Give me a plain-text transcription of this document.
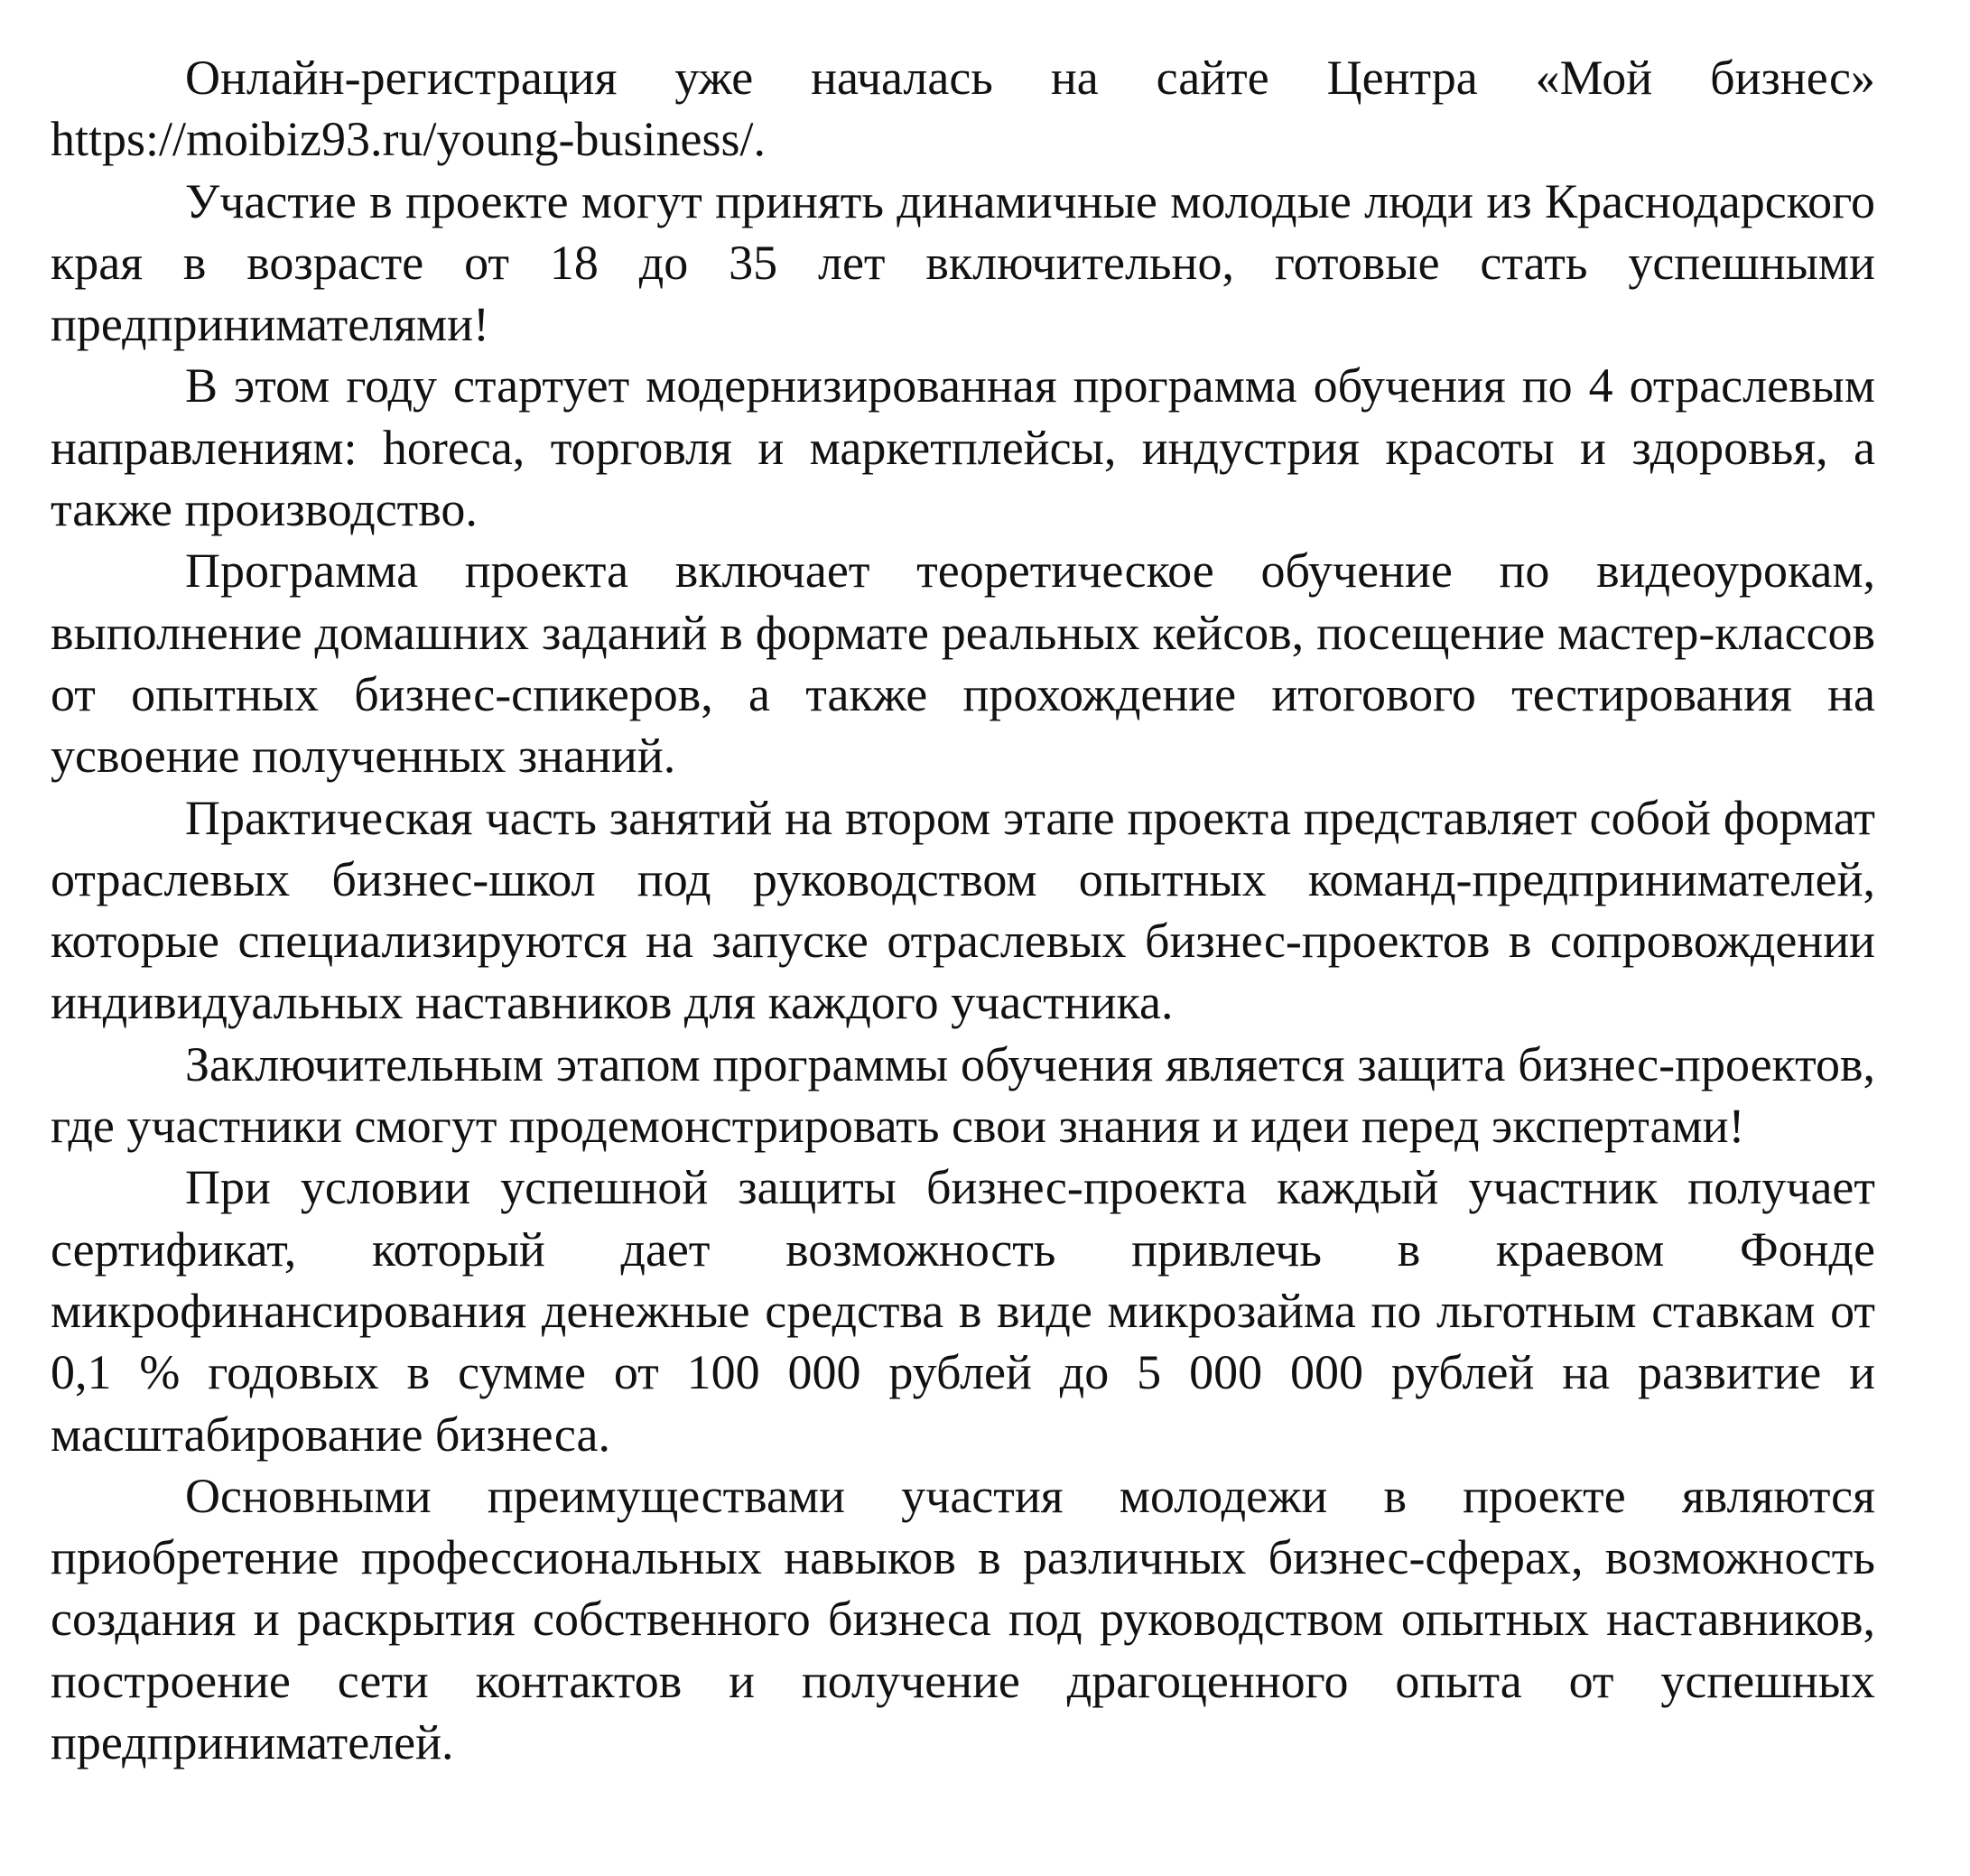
Онлайн-регистрация уже началась на сайте Центра «Мой бизнес» https://moibiz93.ru/young-business/.

Участие в проекте могут принять динамичные молодые люди из Краснодарского края в возрасте от 18 до 35 лет включительно, готовые стать успешными предпринимателями!

В этом году стартует модернизированная программа обучения по 4 отраслевым направлениям: horeca, торговля и маркетплейсы, индустрия красоты и здоровья, а также производство.

Программа проекта включает теоретическое обучение по видеоурокам, выполнение домашних заданий в формате реальных кейсов, посещение мастер-классов от опытных бизнес-спикеров, а также прохождение итогового тестирования на усвоение полученных знаний.

Практическая часть занятий на втором этапе проекта представляет собой формат отраслевых бизнес-школ под руководством опытных команд-предпринимателей, которые специализируются на запуске отраслевых бизнес-проектов в сопровождении индивидуальных наставников для каждого участника.

Заключительным этапом программы обучения является защита бизнес-проектов, где участники смогут продемонстрировать свои знания и идеи перед экспертами!

При условии успешной защиты бизнес-проекта каждый участник получает сертификат, который дает возможность привлечь в краевом Фонде микрофинансирования денежные средства в виде микрозайма по льготным ставкам от 0,1 % годовых в сумме от 100 000 рублей до 5 000 000 рублей на развитие и масштабирование бизнеса.

Основными преимуществами участия молодежи в проекте являются приобретение профессиональных навыков в различных бизнес-сферах, возможность создания и раскрытия собственного бизнеса под руководством опытных наставников, построение сети контактов и получение драгоценного опыта от успешных предпринимателей.
